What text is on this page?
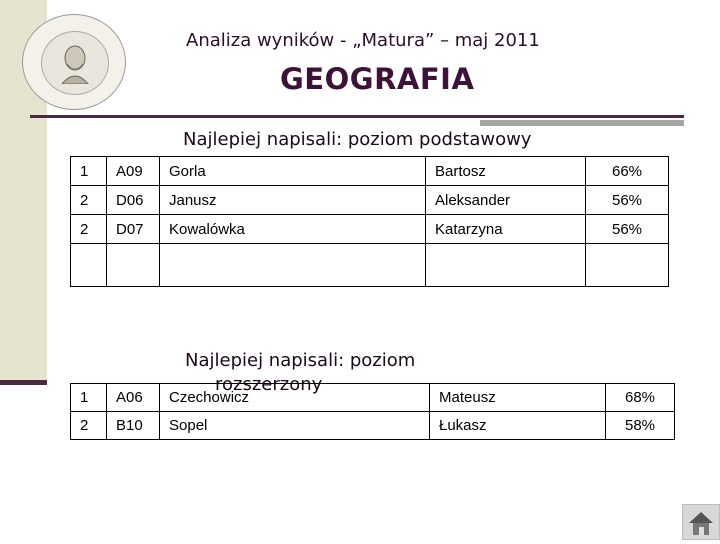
Analiza wyników - „Matura” – maj 2011
GEOGRAFIA
Najlepiej napisali: poziom podstawowy
1	A09	Gorla	Bartosz	66%
2	D06	Janusz	Aleksander	56%
2	D07	Kowalówka	Katarzyna	56%

1	A06	Czechowicz	Mateusz	68%
2	B10	Sopel	Łukasz	58%
Najlepiej napisali: poziom
rozszerzony
